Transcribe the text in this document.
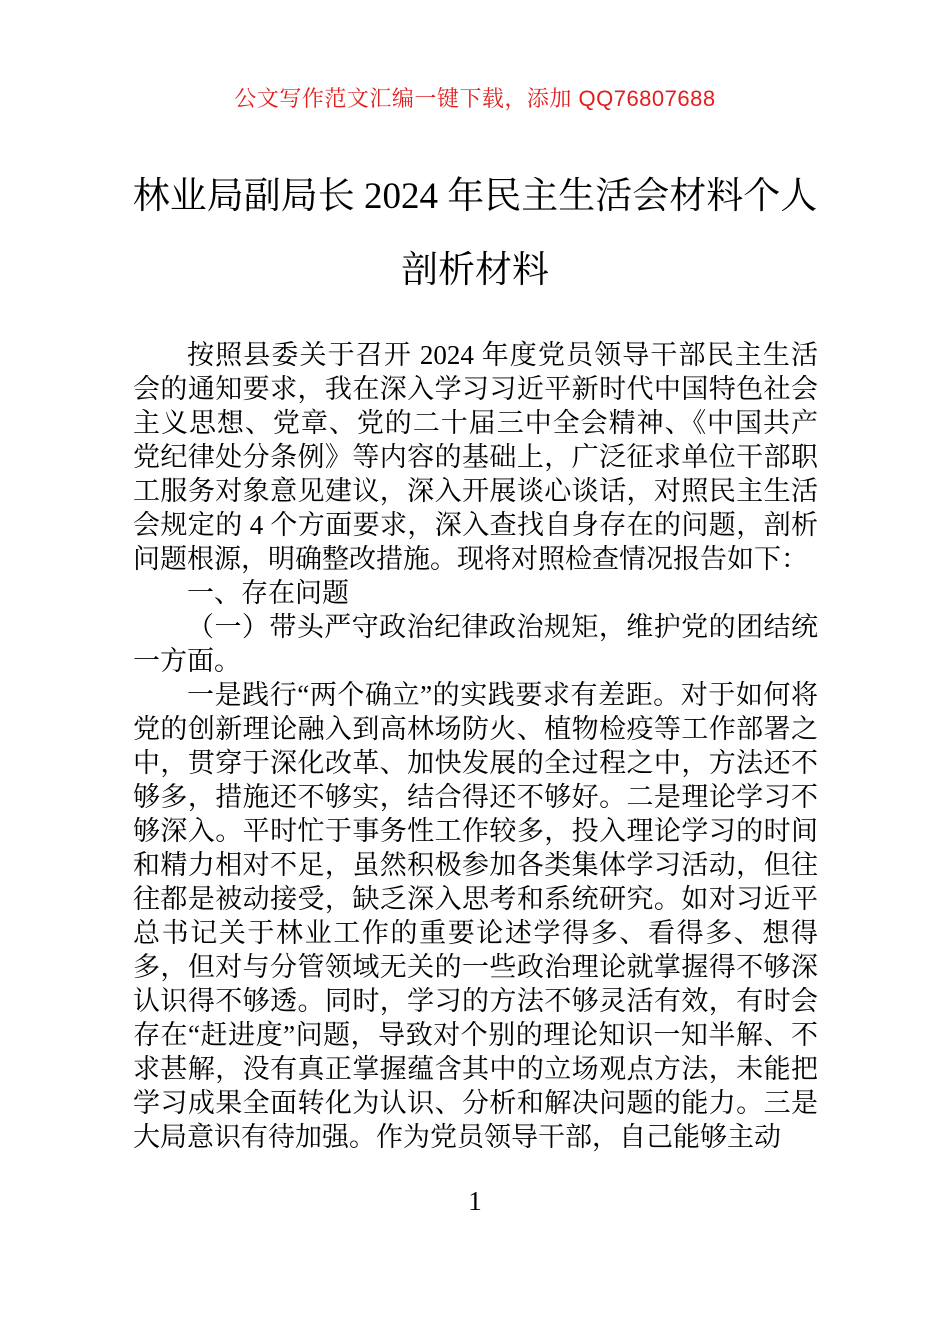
公文写作范文汇编一键下载，添加 QQ76807688
林业局副局长 2024 年民主生活会材料个人剖析材料

按照县委关于召开 2024 年度党员领导干部民主生活会的通知要求，我在深入学习习近平新时代中国特色社会主义思想、党章、党的二十届三中全会精神、《中国共产党纪律处分条例》等内容的基础上，广泛征求单位干部职工服务对象意见建议，深入开展谈心谈话，对照民主生活会规定的 4 个方面要求，深入查找自身存在的问题，剖析问题根源，明确整改措施。现将对照检查情况报告如下：

一、存在问题

（一）带头严守政治纪律政治规矩，维护党的团结统一方面。

一是践行“两个确立”的实践要求有差距。对于如何将党的创新理论融入到高林场防火、植物检疫等工作部署之中，贯穿于深化改革、加快发展的全过程之中，方法还不够多，措施还不够实，结合得还不够好。二是理论学习不够深入。平时忙于事务性工作较多，投入理论学习的时间和精力相对不足，虽然积极参加各类集体学习活动，但往往都是被动接受，缺乏深入思考和系统研究。如对习近平总书记关于林业工作的重要论述学得多、看得多、想得多，但对与分管领域无关的一些政治理论就掌握得不够深认识得不够透。同时，学习的方法不够灵活有效，有时会存在“赶进度”问题，导致对个别的理论知识一知半解、不求甚解，没有真正掌握蕴含其中的立场观点方法，未能把学习成果全面转化为认识、分析和解决问题的能力。三是大局意识有待加强。作为党员领导干部，自己能够主动

1
